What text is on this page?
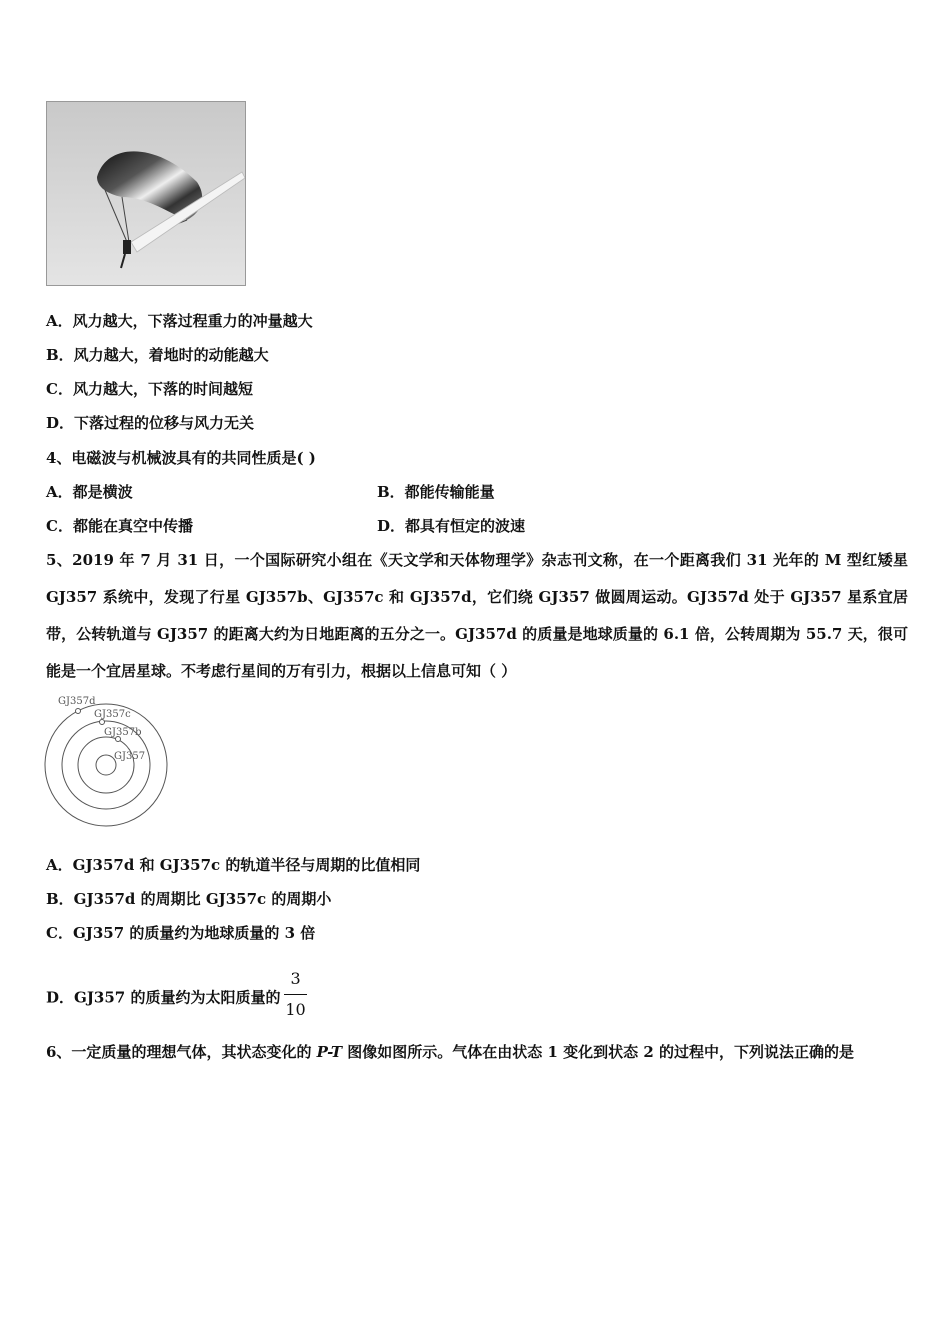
A．风力越大，下落过程重力的冲量越大
B．风力越大，着地时的动能越大
C．风力越大，下落的时间越短
D．下落过程的位移与风力无关
4、电磁波与机械波具有的共同性质是( )
A．都是横波	B．都能传输能量
C．都能在真空中传播	D．都具有恒定的波速
5、2019 年 7 月 31 日，一个国际研究小组在《天文学和天体物理学》杂志刊文称，在一个距离我们 31 光年的 M 型红矮星 GJ357 系统中，发现了行星 GJ357b、GJ357c 和 GJ357d，它们绕 GJ357 做圆周运动。GJ357d 处于 GJ357 星系宜居带，公转轨道与 GJ357 的距离大约为日地距离的五分之一。GJ357d 的质量是地球质量的 6.1 倍，公转周期为 55.7 天，很可能是一个宜居星球。不考虑行星间的万有引力，根据以上信息可知（ ）
GJ357d
GJ357c
GJ357b
GJ357
A．GJ357d 和 GJ357c 的轨道半径与周期的比值相同
B．GJ357d 的周期比 GJ357c 的周期小
C．GJ357 的质量约为地球质量的 3 倍
D．GJ357 的质量约为太阳质量的 $\frac{3}{10}$
6、一定质量的理想气体，其状态变化的 P-T 图像如图所示。气体在由状态 1 变化到状态 2 的过程中，下列说法正确的是
